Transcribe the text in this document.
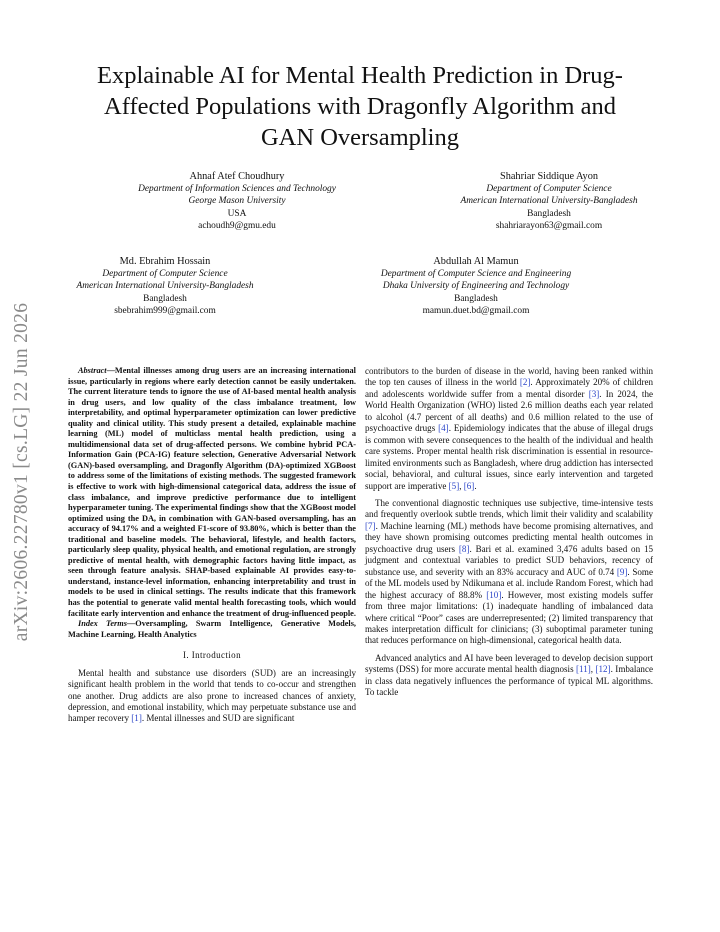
arXiv:2606.22780v1 [cs.LG] 22 Jun 2026
Explainable AI for Mental Health Prediction in Drug-Affected Populations with Dragonfly Algorithm and GAN Oversampling
Ahnaf Atef Choudhury
Department of Information Sciences and Technology
George Mason University
USA
achoudh9@gmu.edu
Shahriar Siddique Ayon
Department of Computer Science
American International University-Bangladesh
Bangladesh
shahriarayon63@gmail.com
Md. Ebrahim Hossain
Department of Computer Science
American International University-Bangladesh
Bangladesh
sbebrahim999@gmail.com
Abdullah Al Mamun
Department of Computer Science and Engineering
Dhaka University of Engineering and Technology
Bangladesh
mamun.duet.bd@gmail.com

Abstract—Mental illnesses among drug users are an increasing international issue, particularly in regions where early detection cannot be easily undertaken. The current literature tends to ignore the use of AI-based mental health analysis in drug users, and low quality of the class imbalance treatment, low interpretability, and optimal hyperparameter optimization can lower predictive quality and clinical utility. This study present a detailed, explainable machine learning (ML) model of multiclass mental health prediction, using a multidimensional data set of drug-affected persons. We combine hybrid PCA-Information Gain (PCA-IG) feature selection, Generative Adversarial Network (GAN)-based oversampling, and Dragonfly Algorithm (DA)-optimized XGBoost to address some of the limitations of existing methods. The suggested framework is effective to work with high-dimensional categorical data, address the issue of class imbalance, and improve predictive performance due to intelligent hyperparameter tuning. The experimental findings show that the XGBoost model optimized using the DA, in combination with GAN-based oversampling, has an accuracy of 94.17% and a weighted F1-score of 93.80%, which is better than the traditional and baseline models. The behavioral, lifestyle, and health factors, particularly sleep quality, physical health, and emotional regulation, are strongly predictive of mental health, with demographic factors having little impact, as seen through feature analysis. SHAP-based explainable AI provides easy-to-understand, instance-level information, enhancing interpretability and trust in models to be used in clinical settings. The results indicate that this framework has the potential to generate valid mental health forecasting tools, which would facilitate early intervention and enhance the treatment of drug-influenced people.

Index Terms—Oversampling, Swarm Intelligence, Generative Models, Machine Learning, Health Analytics

I. Introduction

Mental health and substance use disorders (SUD) are an increasingly significant health problem in the world that tends to co-occur and strengthen one another. Drug addicts are also prone to increased chances of anxiety, depression, and emotional instability, which may perpetuate substance use and hamper recovery [1]. Mental illnesses and SUD are significant

contributors to the burden of disease in the world, having been ranked within the top ten causes of illness in the world [2]. Approximately 20% of children and adolescents worldwide suffer from a mental disorder [3]. In 2024, the World Health Organization (WHO) listed 2.6 million deaths each year related to alcohol (4.7 percent of all deaths) and 0.6 million related to the use of psychoactive drugs [4]. Epidemiology indicates that the abuse of illegal drugs is common with severe consequences to the health of the individual and health care systems. Proper mental health risk discrimination is essential in resource-limited environments such as Bangladesh, where drug addiction has intersected social, behavioral, and cultural issues, since early intervention and targeted support are imperative [5], [6].

The conventional diagnostic techniques use subjective, time-intensive tests and frequently overlook subtle trends, which limit their validity and scalability [7]. Machine learning (ML) methods have become promising alternatives, and they have shown promising outcomes predicting mental health outcomes in psychoactive drug users [8]. Bari et al. examined 3,476 adults based on 15 judgment and contextual variables to predict SUD behaviors, recency of substance use, and severity with an 83% accuracy and AUC of 0.74 [9]. Some of the ML models used by Ndikumana et al. include Random Forest, which had the highest accuracy of 88.8% [10]. However, most existing models suffer from three major limitations: (1) inadequate handling of imbalanced data where critical “Poor” cases are underrepresented; (2) limited transparency that makes interpretation difficult for clinicians; (3) suboptimal parameter tuning that reduces performance on high-dimensional, categorical health data.

Advanced analytics and AI have been leveraged to develop decision support systems (DSS) for more accurate mental health diagnosis [11], [12]. Imbalance in class data negatively influences the performance of typical ML algorithms. To tackle
